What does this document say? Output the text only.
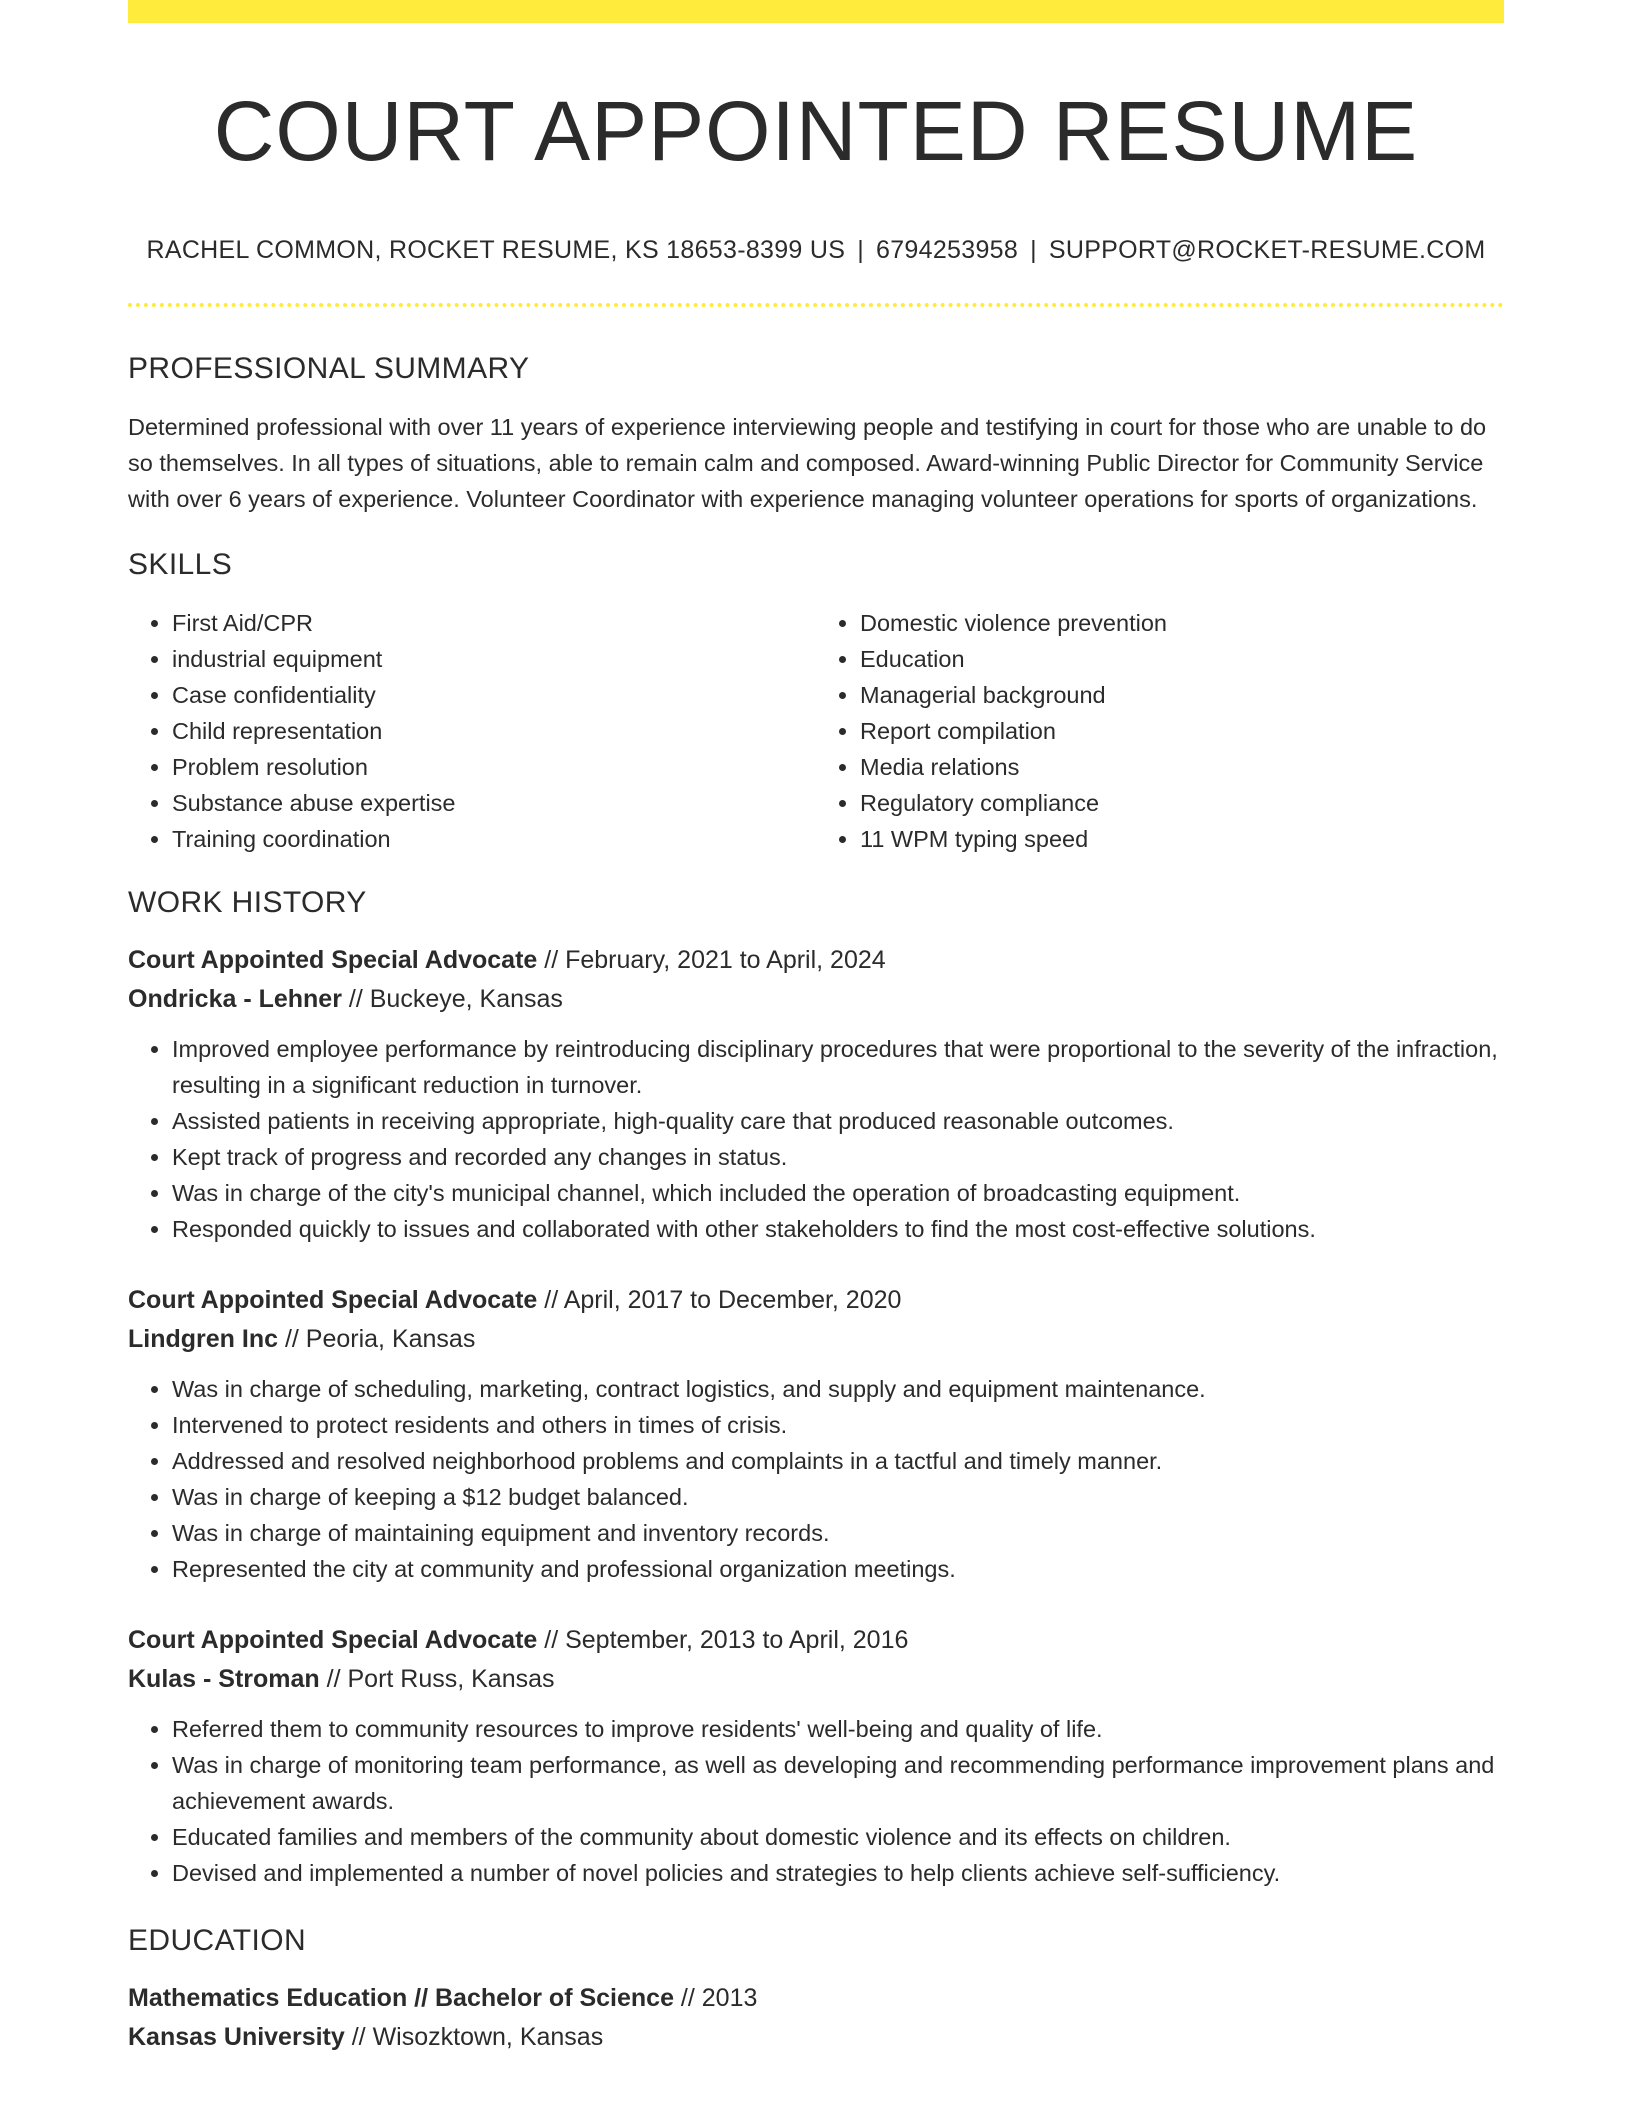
COURT APPOINTED RESUME
RACHEL COMMON, ROCKET RESUME, KS 18653-8399 US | 6794253958 | SUPPORT@ROCKET-RESUME.COM
PROFESSIONAL SUMMARY

Determined professional with over 11 years of experience interviewing people and testifying in court for those who are unable to do so themselves. In all types of situations, able to remain calm and composed. Award-winning Public Director for Community Service with over 6 years of experience. Volunteer Coordinator with experience managing volunteer operations for sports of organizations.

SKILLS
• First Aid/CPR
• industrial equipment
• Case confidentiality
• Child representation
• Problem resolution
• Substance abuse expertise
• Training coordination
• Domestic violence prevention
• Education
• Managerial background
• Report compilation
• Media relations
• Regulatory compliance
• 11 WPM typing speed
WORK HISTORY
Court Appointed Special Advocate // February, 2021 to April, 2024
Ondricka - Lehner // Buckeye, Kansas
• Improved employee performance by reintroducing disciplinary procedures that were proportional to the severity of the infraction, resulting in a significant reduction in turnover.
• Assisted patients in receiving appropriate, high-quality care that produced reasonable outcomes.
• Kept track of progress and recorded any changes in status.
• Was in charge of the city's municipal channel, which included the operation of broadcasting equipment.
• Responded quickly to issues and collaborated with other stakeholders to find the most cost-effective solutions.
Court Appointed Special Advocate // April, 2017 to December, 2020
Lindgren Inc // Peoria, Kansas
• Was in charge of scheduling, marketing, contract logistics, and supply and equipment maintenance.
• Intervened to protect residents and others in times of crisis.
• Addressed and resolved neighborhood problems and complaints in a tactful and timely manner.
• Was in charge of keeping a $12 budget balanced.
• Was in charge of maintaining equipment and inventory records.
• Represented the city at community and professional organization meetings.
Court Appointed Special Advocate // September, 2013 to April, 2016
Kulas - Stroman // Port Russ, Kansas
• Referred them to community resources to improve residents' well-being and quality of life.
• Was in charge of monitoring team performance, as well as developing and recommending performance improvement plans and achievement awards.
• Educated families and members of the community about domestic violence and its effects on children.
• Devised and implemented a number of novel policies and strategies to help clients achieve self-sufficiency.
EDUCATION
Mathematics Education // Bachelor of Science // 2013
Kansas University // Wisozktown, Kansas
